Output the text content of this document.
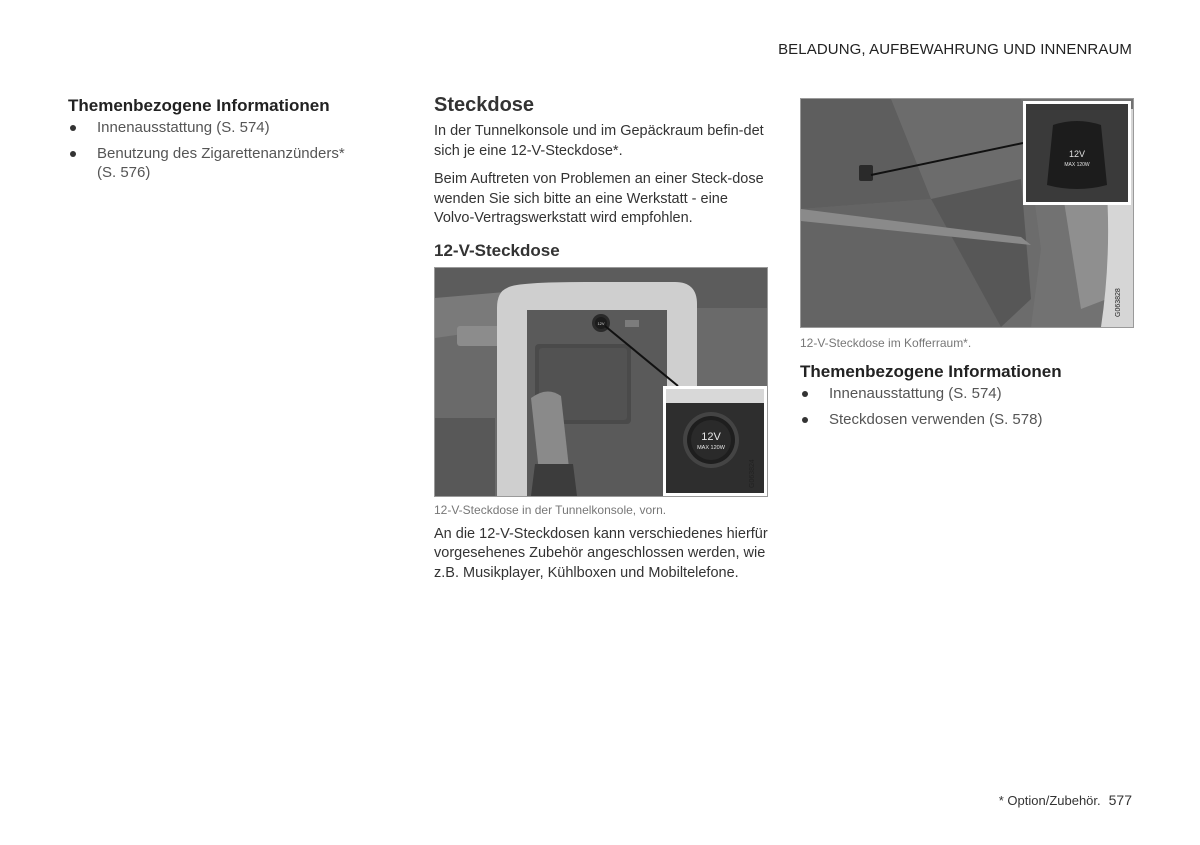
BELADUNG, AUFBEWAHRUNG UND INNENRAUM
Themenbezogene Informationen
Innenausstattung (S. 574)
Benutzung des Zigarettenanzünders*
(S. 576)
Steckdose

In der Tunnelkonsole und im Gepäckraum befin-det sich je eine 12-V-Steckdose*.

Beim Auftreten von Problemen an einer Steck-dose wenden Sie sich bitte an eine Werkstatt - eine Volvo-Vertragswerkstatt wird empfohlen.

12-V-Steckdose
12V
12V
MAX 120W
G063824
12-V-Steckdose in der Tunnelkonsole, vorn.

An die 12-V-Steckdosen kann verschiedenes hierfür vorgesehenes Zubehör angeschlossen werden, wie z.B. Musikplayer, Kühlboxen und Mobiltelefone.

12V
MAX 120W
G063828
12-V-Steckdose im Kofferraum*.
Themenbezogene Informationen
Innenausstattung (S. 574)
Steckdosen verwenden (S. 578)
* Option/Zubehör. 577
